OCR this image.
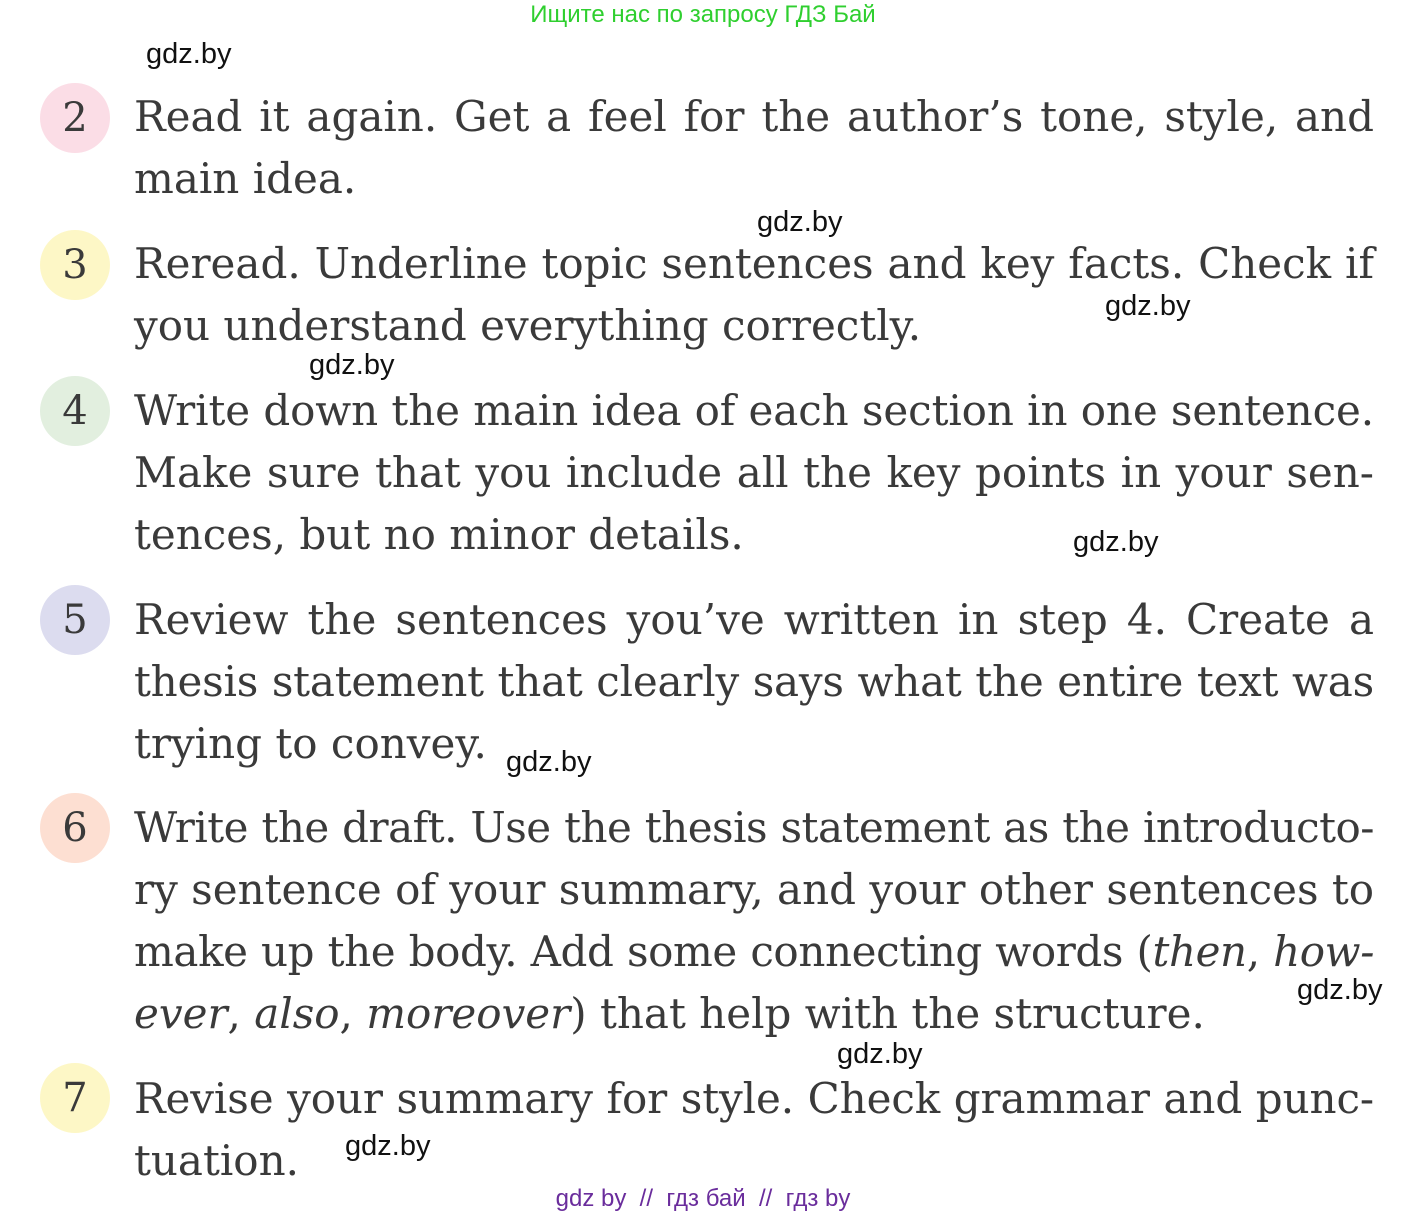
Ищите нас по запросу ГДЗ Бай
2	Read it again. Get a feel for the author’s tone, style, and
main idea.
3	Reread. Underline topic sentences and key facts. Check if
you understand everything correctly.
4	Write down the main idea of each section in one sentence.
Make sure that you include all the key points in your sen-
tences, but no minor details.
5	Review the sentences you’ve written in step 4. Create a
thesis statement that clearly says what the entire text was
trying to convey.
6	Write the draft. Use the thesis statement as the introducto-
ry sentence of your summary, and your other sentences to
make up the body. Add some connecting words (then, how-
ever, also, moreover) that help with the structure.
7	Revise your summary for style. Check grammar and punc-
tuation.
gdz.by
gdz.by
gdz.by
gdz.by
gdz.by
gdz.by
gdz.by
gdz.by
gdz.by
gdz by  //  гдз бай  //  гдз by
